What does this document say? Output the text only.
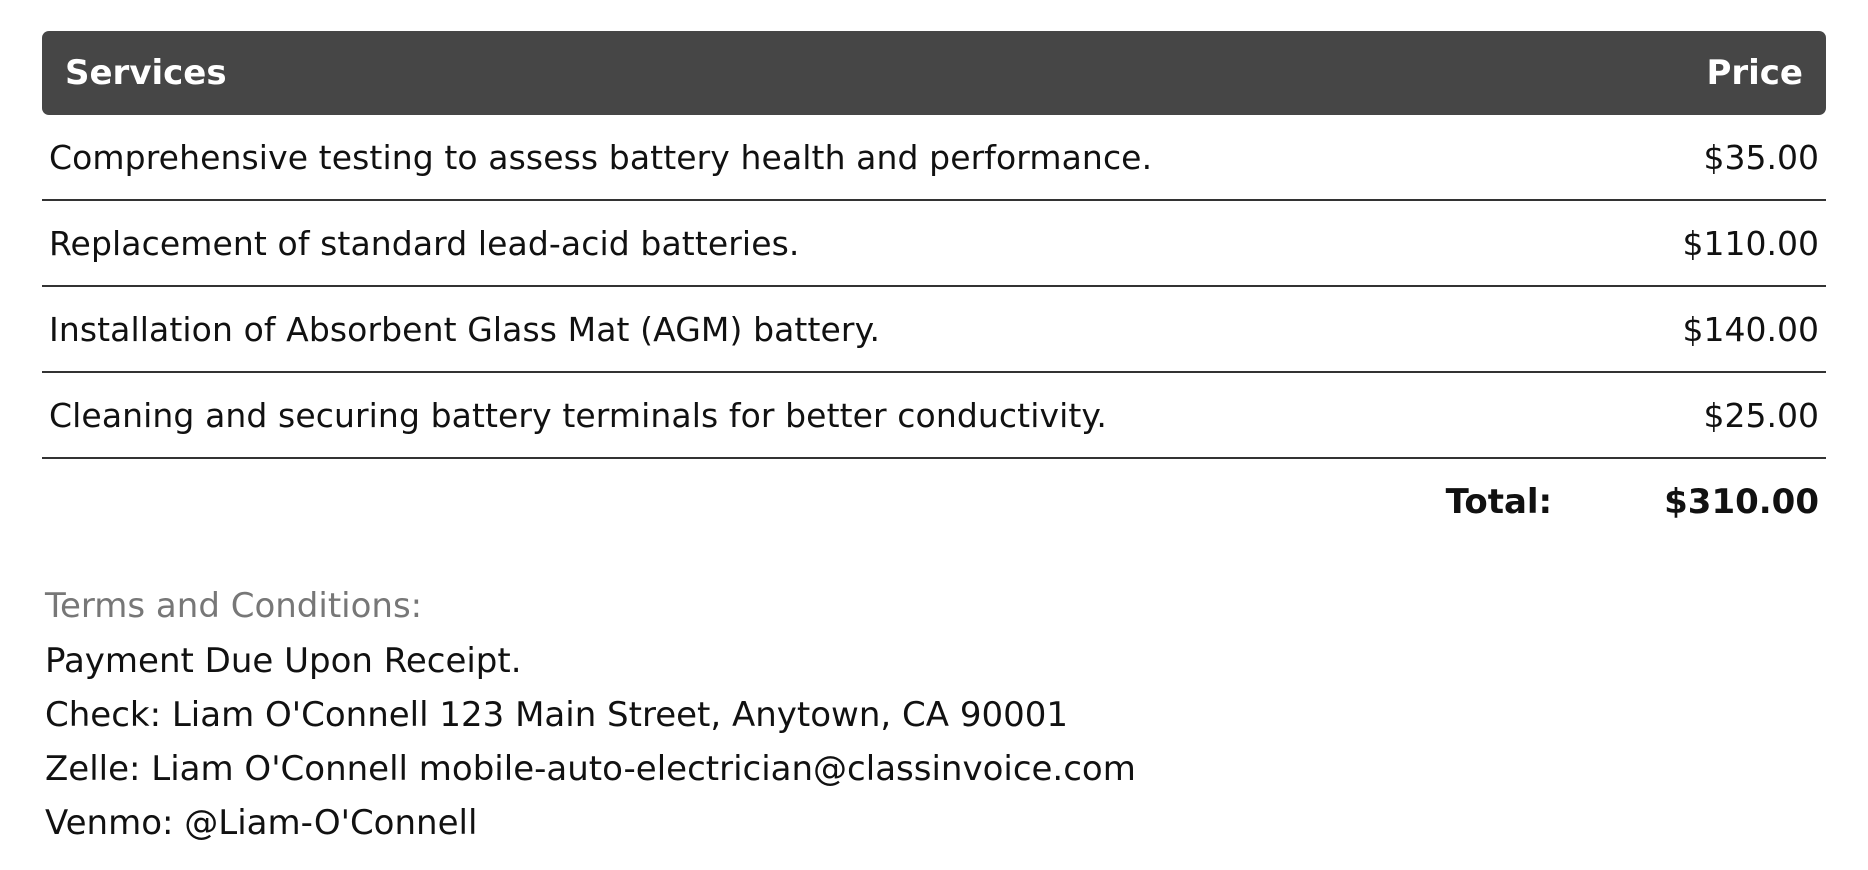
Services	Price
Comprehensive testing to assess battery health and performance.	$35.00
Replacement of standard lead-acid batteries.	$110.00
Installation of Absorbent Glass Mat (AGM) battery.	$140.00
Cleaning and securing battery terminals for better conductivity.	$25.00
Total:	$310.00
Terms and Conditions:
Payment Due Upon Receipt.
Check: Liam O'Connell 123 Main Street, Anytown, CA 90001
Zelle: Liam O'Connell mobile-auto-electrician@classinvoice.com
Venmo: @Liam-O'Connell
